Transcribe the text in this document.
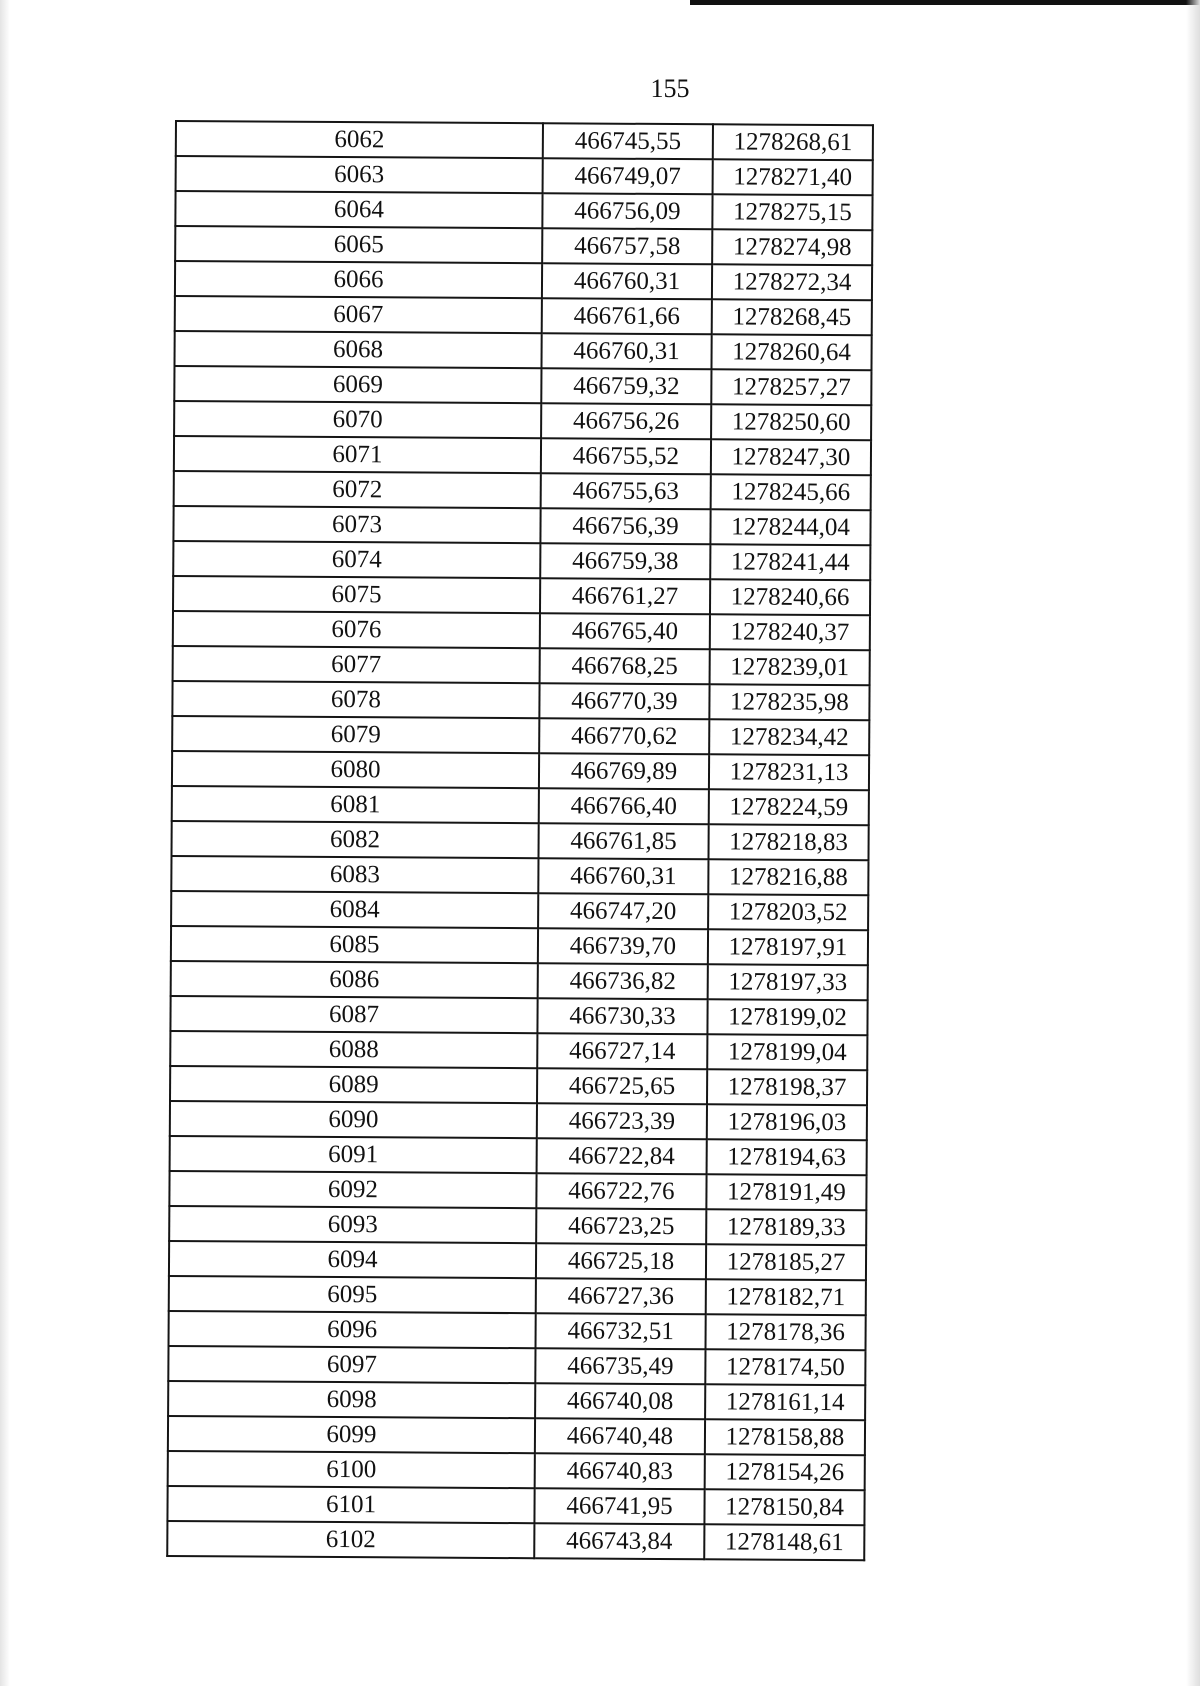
155
6062	466745,55	1278268,61
6063	466749,07	1278271,40
6064	466756,09	1278275,15
6065	466757,58	1278274,98
6066	466760,31	1278272,34
6067	466761,66	1278268,45
6068	466760,31	1278260,64
6069	466759,32	1278257,27
6070	466756,26	1278250,60
6071	466755,52	1278247,30
6072	466755,63	1278245,66
6073	466756,39	1278244,04
6074	466759,38	1278241,44
6075	466761,27	1278240,66
6076	466765,40	1278240,37
6077	466768,25	1278239,01
6078	466770,39	1278235,98
6079	466770,62	1278234,42
6080	466769,89	1278231,13
6081	466766,40	1278224,59
6082	466761,85	1278218,83
6083	466760,31	1278216,88
6084	466747,20	1278203,52
6085	466739,70	1278197,91
6086	466736,82	1278197,33
6087	466730,33	1278199,02
6088	466727,14	1278199,04
6089	466725,65	1278198,37
6090	466723,39	1278196,03
6091	466722,84	1278194,63
6092	466722,76	1278191,49
6093	466723,25	1278189,33
6094	466725,18	1278185,27
6095	466727,36	1278182,71
6096	466732,51	1278178,36
6097	466735,49	1278174,50
6098	466740,08	1278161,14
6099	466740,48	1278158,88
6100	466740,83	1278154,26
6101	466741,95	1278150,84
6102	466743,84	1278148,61
